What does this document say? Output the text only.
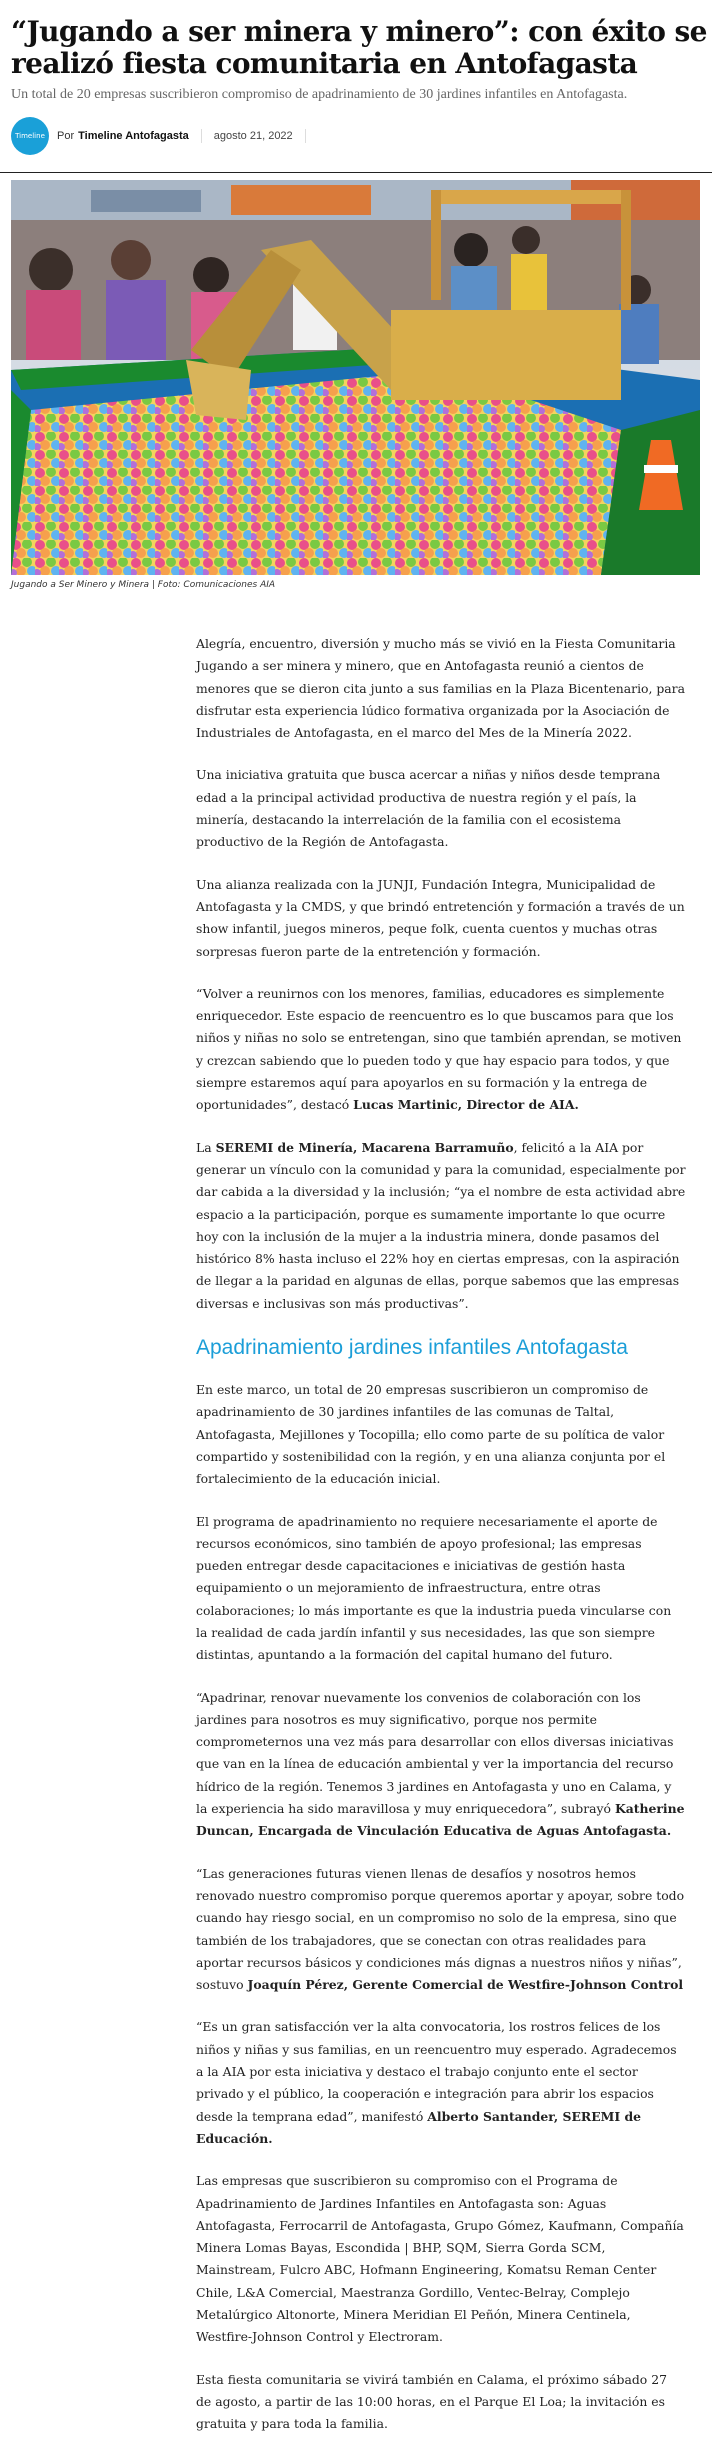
“Jugando a ser minera y minero”: con éxito se realizó fiesta comunitaria en Antofagasta
Un total de 20 empresas suscribieron compromiso de apadrinamiento de 30 jardines infantiles en Antofagasta.
Timeline Por Timeline Antofagasta agosto 21, 2022
Jugando a Ser Minero y Minera | Foto: Comunicaciones AIA

Alegría, encuentro, diversión y mucho más se vivió en la Fiesta Comunitaria Jugando a ser minera y minero, que en Antofagasta reunió a cientos de menores que se dieron cita junto a sus familias en la Plaza Bicentenario, para disfrutar esta experiencia lúdico formativa organizada por la Asociación de Industriales de Antofagasta, en el marco del Mes de la Minería 2022.

Una iniciativa gratuita que busca acercar a niñas y niños desde temprana edad a la principal actividad productiva de nuestra región y el país, la minería, destacando la interrelación de la familia con el ecosistema productivo de la Región de Antofagasta.

Una alianza realizada con la JUNJI, Fundación Integra, Municipalidad de Antofagasta y la CMDS, y que brindó entretención y formación a través de un show infantil, juegos mineros, peque folk, cuenta cuentos y muchas otras sorpresas fueron parte de la entretención y formación.

“Volver a reunirnos con los menores, familias, educadores es simplemente enriquecedor. Este espacio de reencuentro es lo que buscamos para que los niños y niñas no solo se entretengan, sino que también aprendan, se motiven y crezcan sabiendo que lo pueden todo y que hay espacio para todos, y que siempre estaremos aquí para apoyarlos en su formación y la entrega de oportunidades”, destacó Lucas Martinic, Director de AIA.

La SEREMI de Minería, Macarena Barramuño, felicitó a la AIA por generar un vínculo con la comunidad y para la comunidad, especialmente por dar cabida a la diversidad y la inclusión; “ya el nombre de esta actividad abre espacio a la participación, porque es sumamente importante lo que ocurre hoy con la inclusión de la mujer a la industria minera, donde pasamos del histórico 8% hasta incluso el 22% hoy en ciertas empresas, con la aspiración de llegar a la paridad en algunas de ellas, porque sabemos que las empresas diversas e inclusivas son más productivas”.

Apadrinamiento jardines infantiles Antofagasta

En este marco, un total de 20 empresas suscribieron un compromiso de apadrinamiento de 30 jardines infantiles de las comunas de Taltal, Antofagasta, Mejillones y Tocopilla; ello como parte de su política de valor compartido y sostenibilidad con la región, y en una alianza conjunta por el fortalecimiento de la educación inicial.

El programa de apadrinamiento no requiere necesariamente el aporte de recursos económicos, sino también de apoyo profesional; las empresas pueden entregar desde capacitaciones e iniciativas de gestión hasta equipamiento o un mejoramiento de infraestructura, entre otras colaboraciones; lo más importante es que la industria pueda vincularse con la realidad de cada jardín infantil y sus necesidades, las que son siempre distintas, apuntando a la formación del capital humano del futuro.

“Apadrinar, renovar nuevamente los convenios de colaboración con los jardines para nosotros es muy significativo, porque nos permite comprometernos una vez más para desarrollar con ellos diversas iniciativas que van en la línea de educación ambiental y ver la importancia del recurso hídrico de la región. Tenemos 3 jardines en Antofagasta y uno en Calama, y la experiencia ha sido maravillosa y muy enriquecedora”, subrayó Katherine Duncan, Encargada de Vinculación Educativa de Aguas Antofagasta.

“Las generaciones futuras vienen llenas de desafíos y nosotros hemos renovado nuestro compromiso porque queremos aportar y apoyar, sobre todo cuando hay riesgo social, en un compromiso no solo de la empresa, sino que también de los trabajadores, que se conectan con otras realidades para aportar recursos básicos y condiciones más dignas a nuestros niños y niñas”, sostuvo Joaquín Pérez, Gerente Comercial de Westfire-Johnson Control

“Es un gran satisfacción ver la alta convocatoria, los rostros felices de los niños y niñas y sus familias, en un reencuentro muy esperado. Agradecemos a la AIA por esta iniciativa y destaco el trabajo conjunto ente el sector privado y el público, la cooperación e integración para abrir los espacios desde la temprana edad”, manifestó Alberto Santander, SEREMI de Educación.

Las empresas que suscribieron su compromiso con el Programa de Apadrinamiento de Jardines Infantiles en Antofagasta son: Aguas Antofagasta, Ferrocarril de Antofagasta, Grupo Gómez, Kaufmann, Compañía Minera Lomas Bayas, Escondida | BHP, SQM, Sierra Gorda SCM, Mainstream, Fulcro ABC, Hofmann Engineering, Komatsu Reman Center Chile, L&A Comercial, Maestranza Gordillo, Ventec-Belray, Complejo Metalúrgico Altonorte, Minera Meridian El Peñón, Minera Centinela, Westfire-Johnson Control y Electroram.

Esta fiesta comunitaria se vivirá también en Calama, el próximo sábado 27 de agosto, a partir de las 10:00 horas, en el Parque El Loa; la invitación es gratuita y para toda la familia.
